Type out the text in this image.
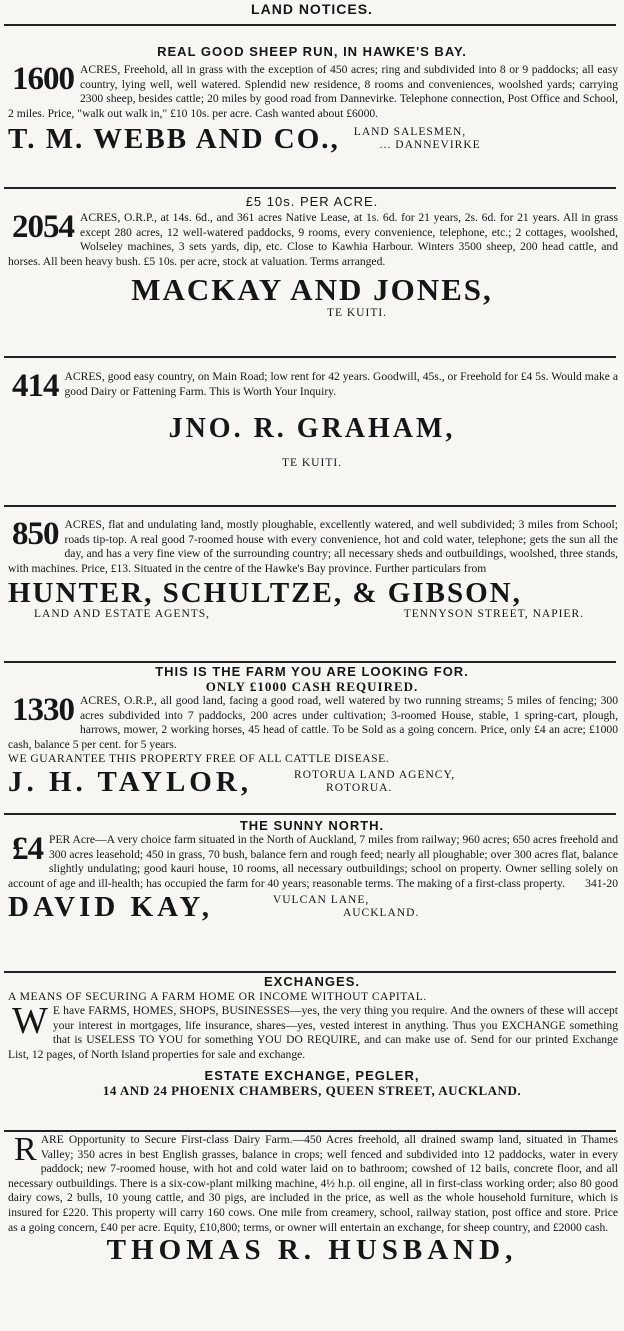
LAND NOTICES.
REAL GOOD SHEEP RUN, IN HAWKE'S BAY.
1600 ACRES, Freehold, all in grass with the exception of 450 acres; ring and subdivided into 8 or 9 paddocks; all easy country, lying well, well watered. Splendid new residence, 8 rooms and conveniences, woolshed yards; carrying 2300 sheep, besides cattle; 20 miles by good road from Dannevirke. Telephone connection, Post Office and School, 2 miles. Price, "walk out walk in," £10 10s. per acre. Cash wanted about £6000.
T. M. WEBB AND CO., LAND SALESMEN,
... DANNEVIRKE
£5 10s. PER ACRE.
2054 ACRES, O.R.P., at 14s. 6d., and 361 acres Native Lease, at 1s. 6d. for 21 years, 2s. 6d. for 21 years. All in grass except 280 acres, 12 well-watered paddocks, 9 rooms, every convenience, telephone, etc.; 2 cottages, woolshed, Wolseley machines, 3 sets yards, dip, etc. Close to Kawhia Harbour. Winters 3500 sheep, 200 head cattle, and horses. All been heavy bush. £5 10s. per acre, stock at valuation. Terms arranged.
MACKAY AND JONES,
TE KUITI.
414 ACRES, good easy country, on Main Road; low rent for 42 years. Goodwill, 45s., or Freehold for £4 5s. Would make a good Dairy or Fattening Farm. This is Worth Your Inquiry.
JNO. R. GRAHAM,
TE KUITI.
850 ACRES, flat and undulating land, mostly ploughable, excellently watered, and well subdivided; 3 miles from School; roads tip-top. A real good 7-roomed house with every convenience, hot and cold water, telephone; gets the sun all the day, and has a very fine view of the surrounding country; all necessary sheds and outbuildings, woolshed, three stands, with machines. Price, £13. Situated in the centre of the Hawke's Bay province. Further particulars from
HUNTER, SCHULTZE, & GIBSON,
LAND AND ESTATE AGENTS,	TENNYSON STREET, NAPIER.
THIS IS THE FARM YOU ARE LOOKING FOR.
ONLY £1000 CASH REQUIRED.
1330 ACRES, O.R.P., all good land, facing a good road, well watered by two running streams; 5 miles of fencing; 300 acres subdivided into 7 paddocks, 200 acres under cultivation; 3-roomed House, stable, 1 spring-cart, plough, harrows, mower, 2 working horses, 45 head of cattle. To be Sold as a going concern. Price, only £4 an acre; £1000 cash, balance 5 per cent. for 5 years.
WE GUARANTEE THIS PROPERTY FREE OF ALL CATTLE DISEASE.
J. H. TAYLOR,	ROTORUA LAND AGENCY,
ROTORUA.
THE SUNNY NORTH.
£4 PER Acre—A very choice farm situated in the North of Auckland, 7 miles from railway; 960 acres; 650 acres freehold and 300 acres leasehold; 450 in grass, 70 bush, balance fern and rough feed; nearly all ploughable; over 300 acres flat, balance slightly undulating; good kauri house, 10 rooms, all necessary outbuildings; school on property. Owner selling solely on account of age and ill-health; has occupied the farm for 40 years; reasonable terms. The making of a first-class property. 341-20
DAVID KAY,	VULCAN LANE,
AUCKLAND.
EXCHANGES.
A MEANS OF SECURING A FARM HOME OR INCOME WITHOUT CAPITAL.
W E have FARMS, HOMES, SHOPS, BUSINESSES—yes, the very thing you require. And the owners of these will accept your interest in mortgages, life insurance, shares—yes, vested interest in anything. Thus you EXCHANGE something that is USELESS TO YOU for something YOU DO REQUIRE, and can make use of. Send for our printed Exchange List, 12 pages, of North Island properties for sale and exchange.
ESTATE EXCHANGE, PEGLER,
14 AND 24 PHOENIX CHAMBERS, QUEEN STREET, AUCKLAND.
R ARE Opportunity to Secure First-class Dairy Farm.—450 Acres freehold, all drained swamp land, situated in Thames Valley; 350 acres in best English grasses, balance in crops; well fenced and subdivided into 12 paddocks, water in every paddock; new 7-roomed house, with hot and cold water laid on to bathroom; cowshed of 12 bails, concrete floor, and all necessary outbuildings. There is a six-cow-plant milking machine, 4½ h.p. oil engine, all in first-class working order; also 80 good dairy cows, 2 bulls, 10 young cattle, and 30 pigs, are included in the price, as well as the whole household furniture, which is insured for £220. This property will carry 160 cows. One mile from creamery, school, railway station, post office and store. Price as a going concern, £40 per acre. Equity, £10,800; terms, or owner will entertain an exchange, for sheep country, and £2000 cash.
THOMAS R. HUSBAND,
